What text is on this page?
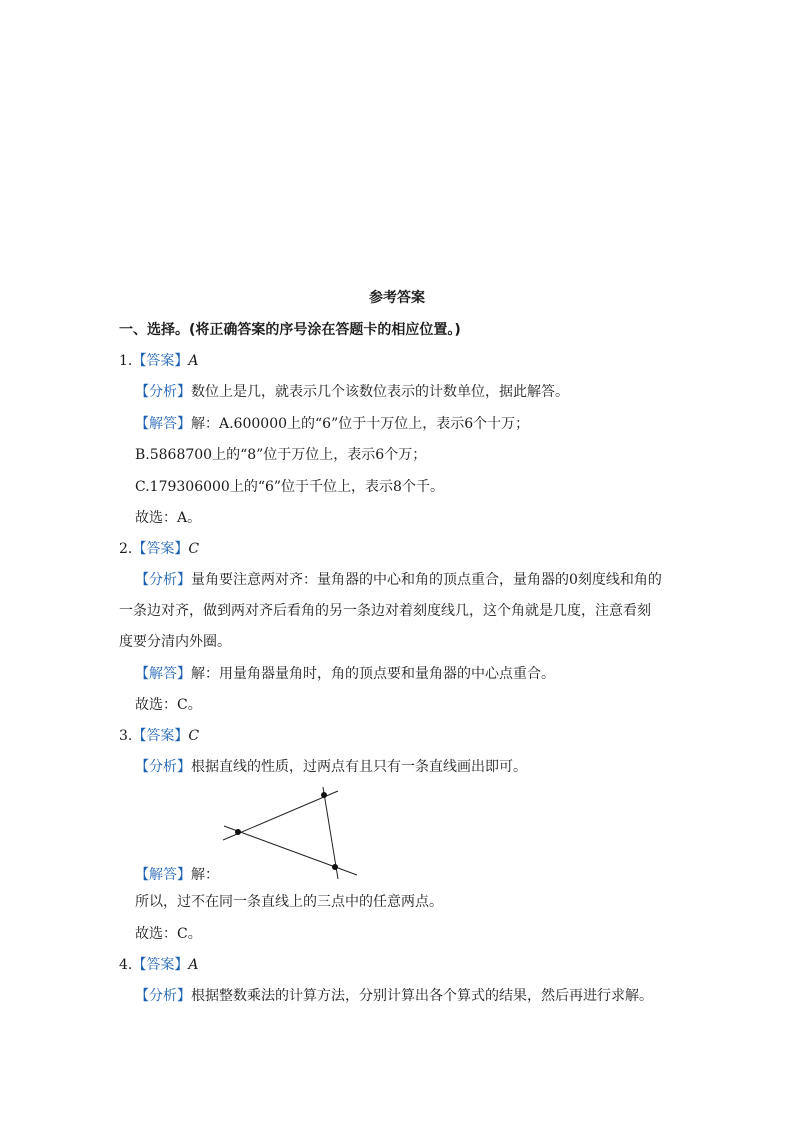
参考答案
一、选择。(将正确答案的序号涂在答题卡的相应位置。)
1.【答案】A
【分析】数位上是几，就表示几个该数位表示的计数单位，据此解答。
【解答】解：A.600000上的“6”位于十万位上，表示6个十万；
B.5868700上的“8”位于万位上，表示6个万；
C.179306000上的“6”位于千位上，表示8个千。
故选：A。
2.【答案】C
【分析】量角要注意两对齐：量角器的中心和角的顶点重合，量角器的0刻度线和角的
一条边对齐，做到两对齐后看角的另一条边对着刻度线几，这个角就是几度，注意看刻
度要分清内外圈。
【解答】解：用量角器量角时，角的顶点要和量角器的中心点重合。
故选：C。
3.【答案】C
【分析】根据直线的性质，过两点有且只有一条直线画出即可。
【解答】解：
所以，过不在同一条直线上的三点中的任意两点。
故选：C。
4.【答案】A
【分析】根据整数乘法的计算方法，分别计算出各个算式的结果，然后再进行求解。
